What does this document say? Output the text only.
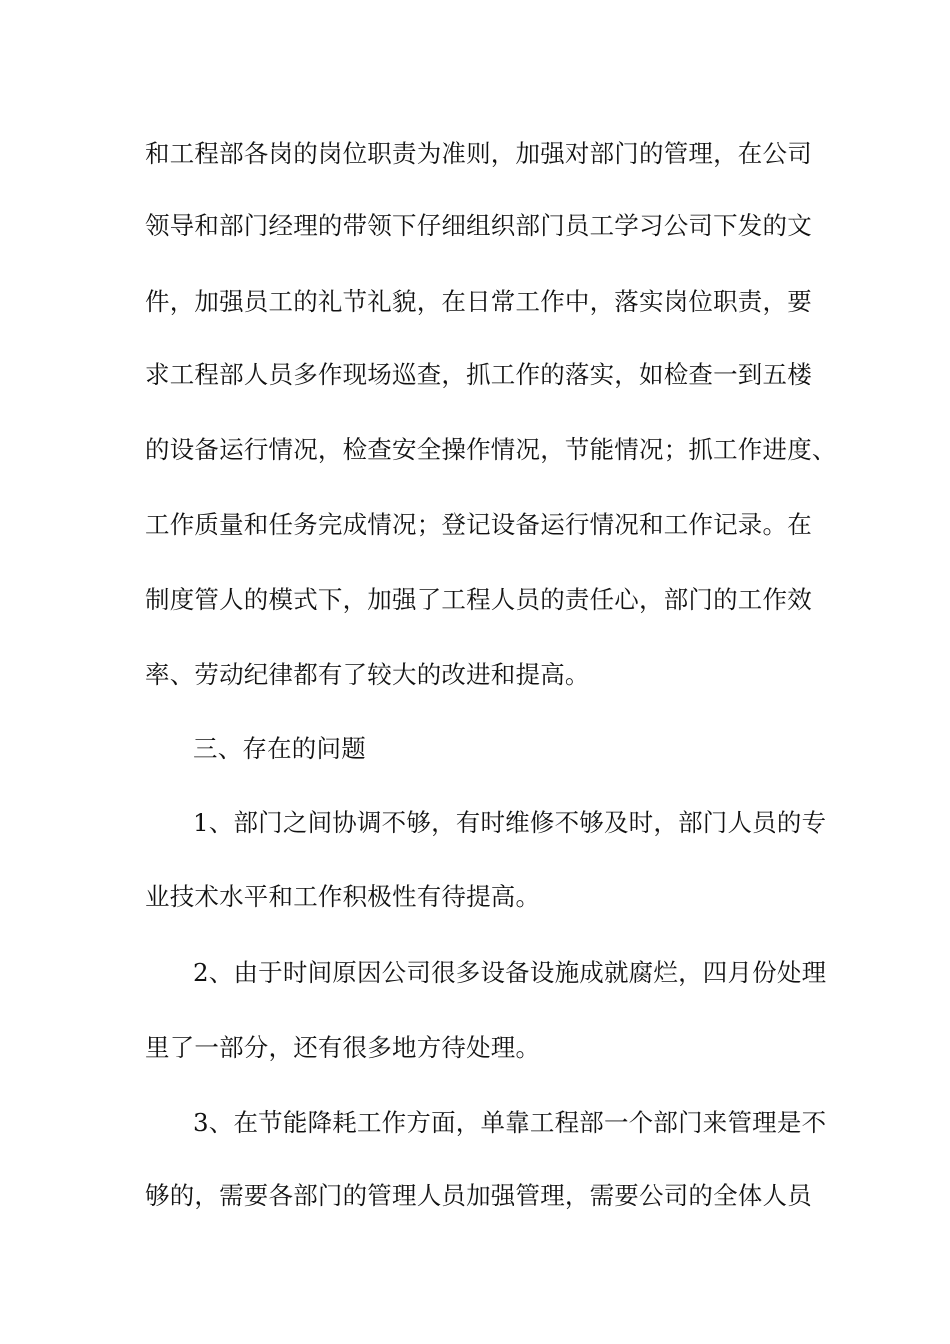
和工程部各岗的岗位职责为准则，加强对部门的管理，在公司
领导和部门经理的带领下仔细组织部门员工学习公司下发的文
件，加强员工的礼节礼貌，在日常工作中，落实岗位职责，要
求工程部人员多作现场巡查，抓工作的落实，如检查一到五楼
的设备运行情况，检查安全操作情况，节能情况；抓工作进度、
工作质量和任务完成情况；登记设备运行情况和工作记录。在
制度管人的模式下，加强了工程人员的责任心，部门的工作效
率、劳动纪律都有了较大的改进和提高。
三、存在的问题
1、部门之间协调不够，有时维修不够及时，部门人员的专
业技术水平和工作积极性有待提高。
2、由于时间原因公司很多设备设施成就腐烂，四月份处理
里了一部分，还有很多地方待处理。
3、在节能降耗工作方面，单靠工程部一个部门来管理是不
够的，需要各部门的管理人员加强管理，需要公司的全体人员
